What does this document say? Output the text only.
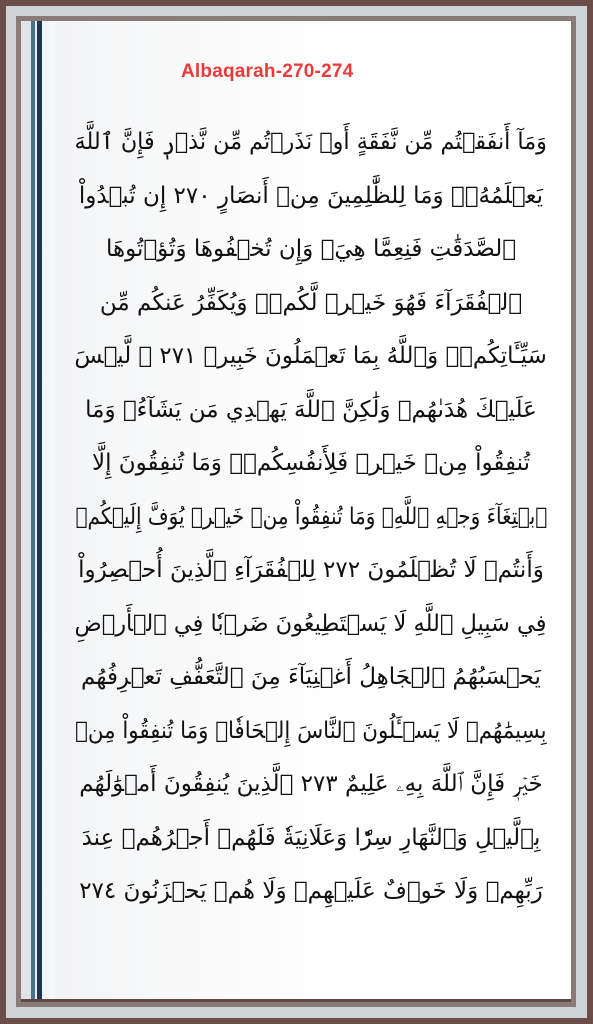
Albaqarah-270-274
وَمَآ أَنفَقۡتُم مِّن نَّفَقَةٍ أَوۡ نَذَرۡتُم مِّن نَّذۡرٖ فَإِنَّ ٱللَّهَ
يَعۡلَمُهُۥۗ وَمَا لِلظَّٰلِمِينَ مِنۡ أَنصَارٍ ٢٧٠ إِن تُبۡدُواْ
ٱلصَّدَقَٰتِ فَنِعِمَّا هِيَۖ وَإِن تُخۡفُوهَا وَتُؤۡتُوهَا
ٱلۡفُقَرَآءَ فَهُوَ خَيۡرٞ لَّكُمۡۚ وَيُكَفِّرُ عَنكُم مِّن
سَيِّـَٔاتِكُمۡۗ وَٱللَّهُ بِمَا تَعۡمَلُونَ خَبِيرٞ ٢٧١ ۞ لَّيۡسَ
عَلَيۡكَ هُدَىٰهُمۡ وَلَٰكِنَّ ٱللَّهَ يَهۡدِي مَن يَشَآءُۗ وَمَا
تُنفِقُواْ مِنۡ خَيۡرٖ فَلِأَنفُسِكُمۡۚ وَمَا تُنفِقُونَ إِلَّا
ٱبۡتِغَآءَ وَجۡهِ ٱللَّهِۚ وَمَا تُنفِقُواْ مِنۡ خَيۡرٖ يُوَفَّ إِلَيۡكُمۡ
وَأَنتُمۡ لَا تُظۡلَمُونَ ٢٧٢ لِلۡفُقَرَآءِ ٱلَّذِينَ أُحۡصِرُواْ
فِي سَبِيلِ ٱللَّهِ لَا يَسۡتَطِيعُونَ ضَرۡبٗا فِي ٱلۡأَرۡضِ
يَحۡسَبُهُمُ ٱلۡجَاهِلُ أَغۡنِيَآءَ مِنَ ٱلتَّعَفُّفِ تَعۡرِفُهُم
بِسِيمَٰهُمۡ لَا يَسۡـَٔلُونَ ٱلنَّاسَ إِلۡحَافٗاۗ وَمَا تُنفِقُواْ مِنۡ
خَيۡرٖ فَإِنَّ ٱللَّهَ بِهِۦ عَلِيمٌ ٢٧٣ ٱلَّذِينَ يُنفِقُونَ أَمۡوَٰلَهُم
بِٱلَّيۡلِ وَٱلنَّهَارِ سِرّٗا وَعَلَانِيَةٗ فَلَهُمۡ أَجۡرُهُمۡ عِندَ
رَبِّهِمۡ وَلَا خَوۡفٌ عَلَيۡهِمۡ وَلَا هُمۡ يَحۡزَنُونَ ٢٧٤
